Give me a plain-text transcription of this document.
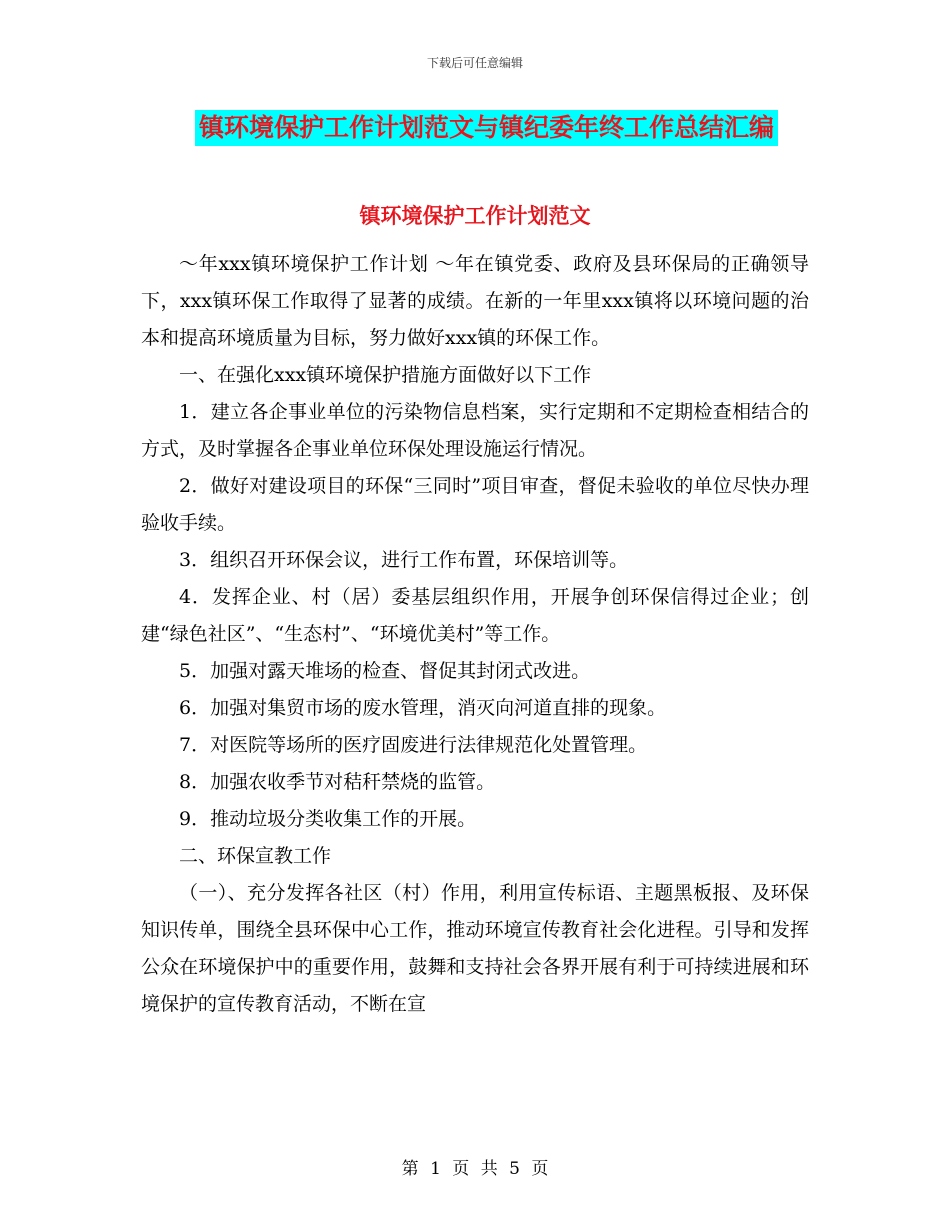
下载后可任意编辑
镇环境保护工作计划范文与镇纪委年终工作总结汇编
镇环境保护工作计划范文

～年xxx镇环境保护工作计划 ～年在镇党委、政府及县环保局的正确领导下，xxx镇环保工作取得了显著的成绩。在新的一年里xxx镇将以环境问题的治本和提高环境质量为目标，努力做好xxx镇的环保工作。

一、在强化xxx镇环境保护措施方面做好以下工作

1．建立各企事业单位的污染物信息档案，实行定期和不定期检查相结合的方式，及时掌握各企事业单位环保处理设施运行情况。

2．做好对建设项目的环保“三同时”项目审查，督促未验收的单位尽快办理验收手续。

3．组织召开环保会议，进行工作布置，环保培训等。

4．发挥企业、村（居）委基层组织作用，开展争创环保信得过企业；创建“绿色社区”、“生态村”、“环境优美村”等工作。

5．加强对露天堆场的检查、督促其封闭式改进。

6．加强对集贸市场的废水管理，消灭向河道直排的现象。

7．对医院等场所的医疗固废进行法律规范化处置管理。

8．加强农收季节对秸秆禁烧的监管。

9．推动垃圾分类收集工作的开展。

二、环保宣教工作

（一）、充分发挥各社区（村）作用，利用宣传标语、主题黑板报、及环保知识传单，围绕全县环保中心工作，推动环境宣传教育社会化进程。引导和发挥公众在环境保护中的重要作用，鼓舞和支持社会各界开展有利于可持续进展和环境保护的宣传教育活动，不断在宣

第 1 页 共 5 页
